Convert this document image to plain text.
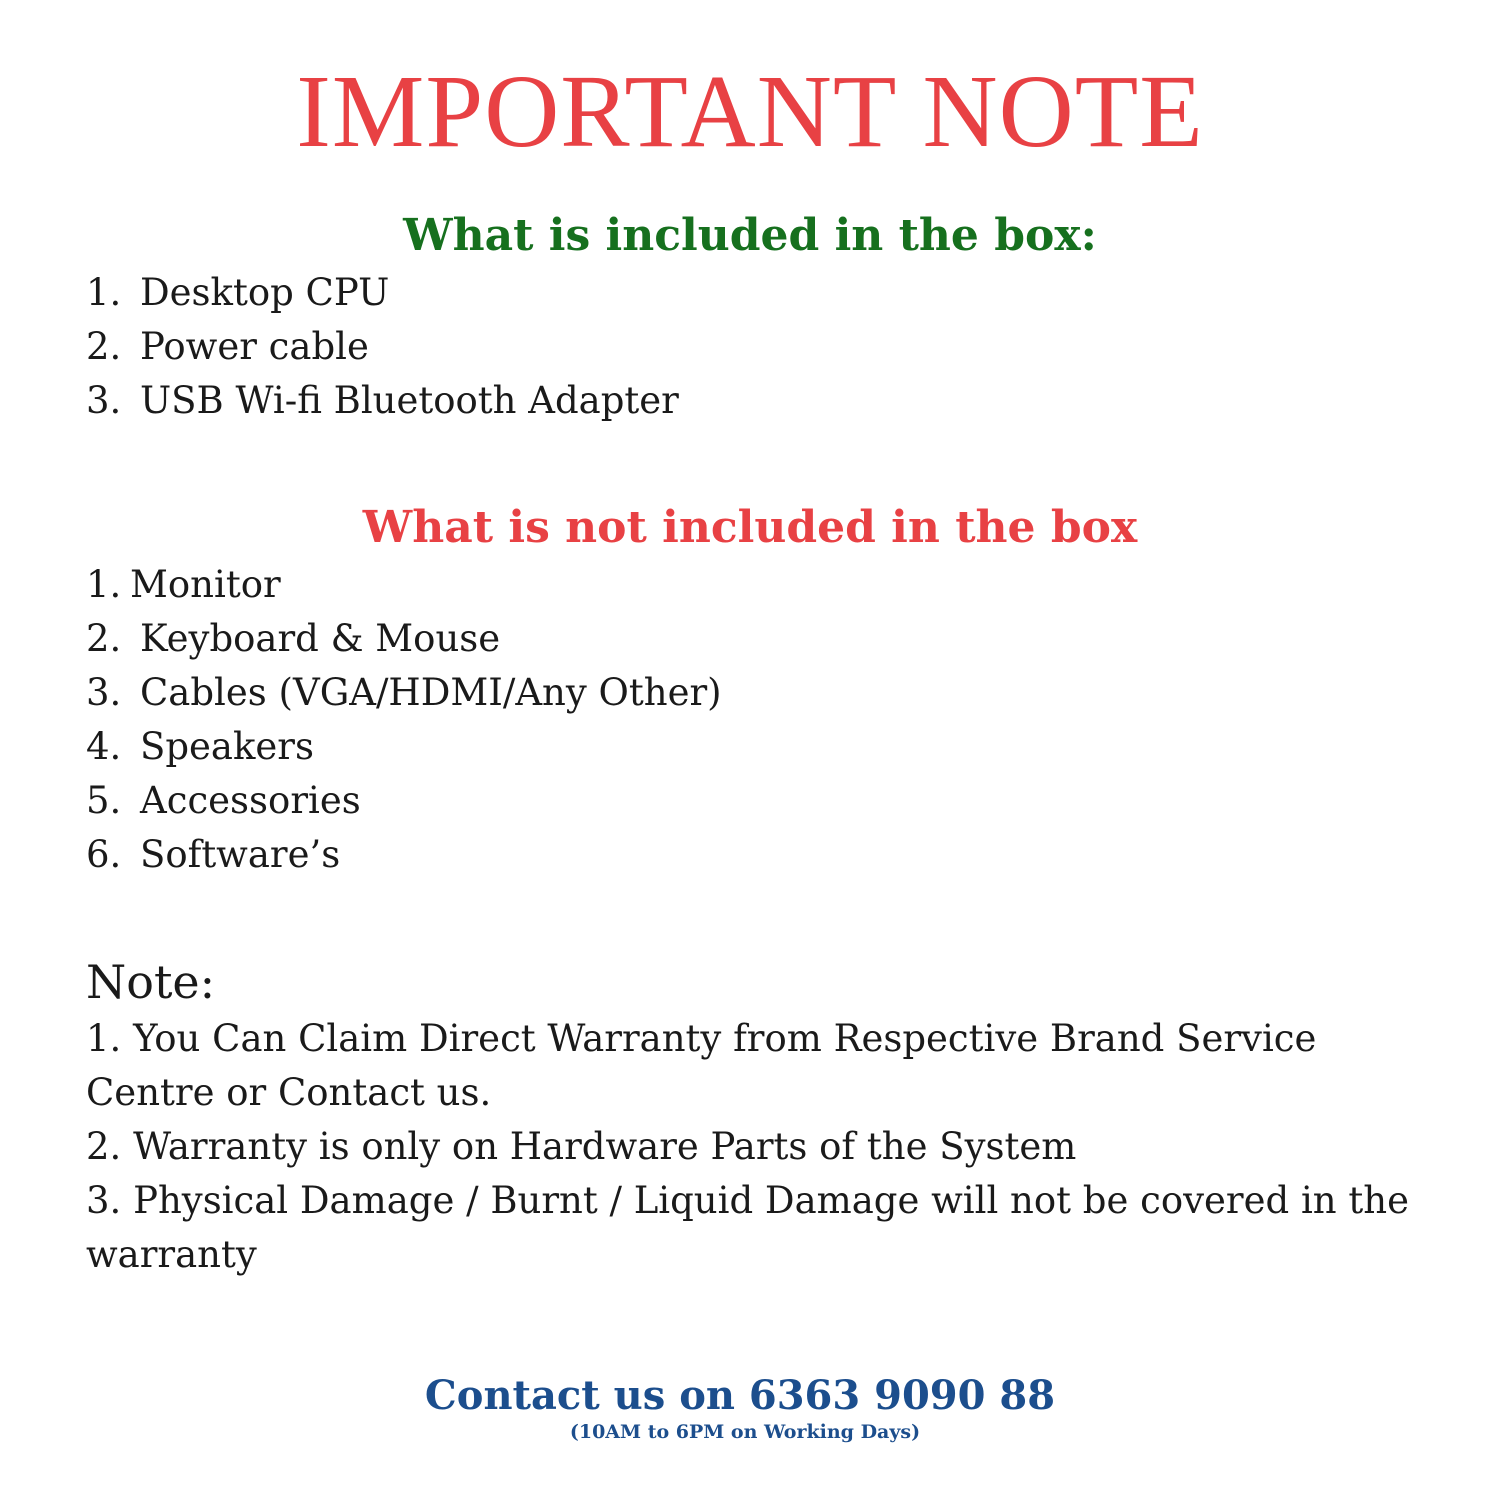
IMPORTANT NOTE
What is included in the box:
1. Desktop CPU
2. Power cable
3. USB Wi-fi Bluetooth Adapter
What is not included in the box
1. Monitor
2. Keyboard & Mouse
3. Cables (VGA/HDMI/Any Other)
4. Speakers
5. Accessories
6. Software’s
Note:
1. You Can Claim Direct Warranty from Respective Brand Service Centre or Contact us.
2. Warranty is only on Hardware Parts of the System
3. Physical Damage / Burnt / Liquid Damage will not be covered in the warranty
Contact us on 6363 9090 88
(10AM to 6PM on Working Days)
